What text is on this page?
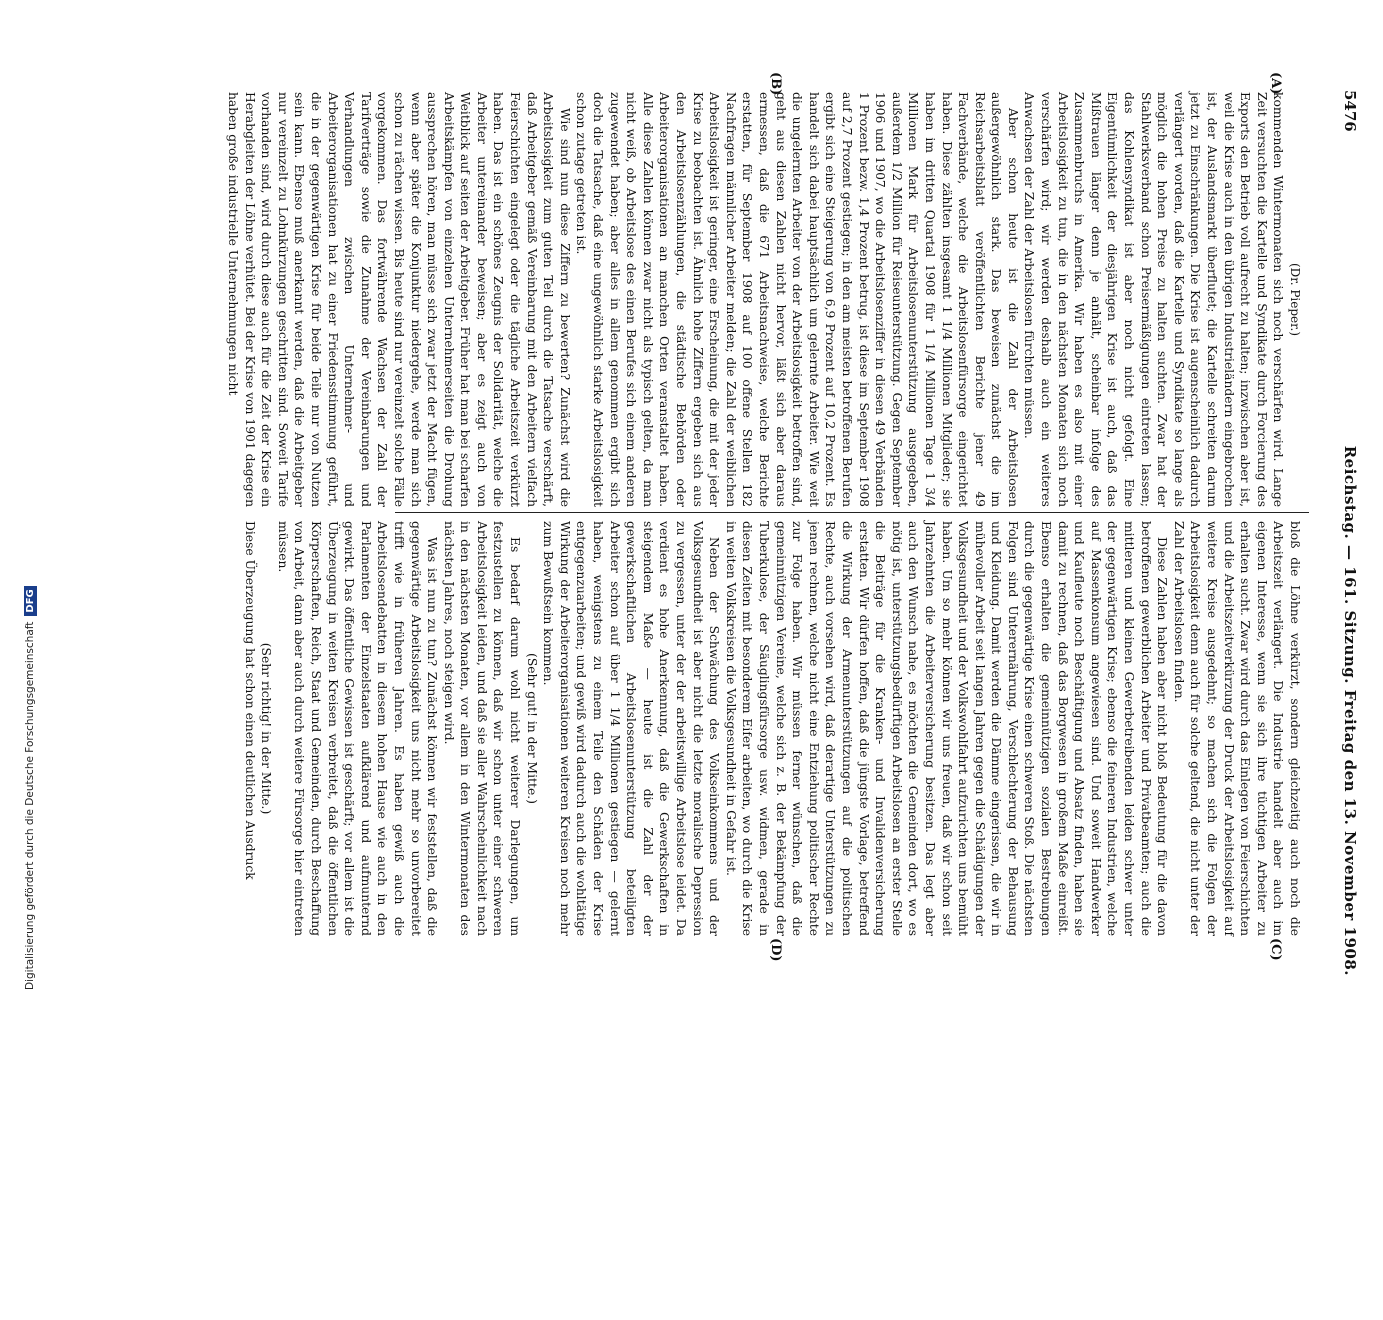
5476
Reichstag. — 161. Sitzung. Freitag den 13. November 1908.
(A)
(B)
(C)
(D)

(Dr. Pieper.)

kommenden Wintermonaten sich noch verschärfen wird. Lange Zeit versuchten die Kartelle und Syndikate durch Forcierung des Exports den Betrieb voll aufrecht zu halten; inzwischen aber ist, weil die Krise auch in den übrigen Industrieländern eingebrochen ist, der Auslandsmarkt überflutet; die Kartelle schreiten darum jetzt zu Einschränkungen. Die Krise ist augenscheinlich dadurch verlängert worden, daß die Kartelle und Syndikate so lange als möglich die hohen Preise zu halten suchten. Zwar hat der Stahlwerksverband schon Preisermäßigungen eintreten lassen; das Kohlensyndikat ist aber noch nicht gefolgt. Eine Eigentümlichkeit der diesjährigen Krise ist auch, daß das Mißtrauen länger denn je anhält, scheinbar infolge des Zusammenbruchs in Amerika. Wir haben es also mit einer Arbeitslosigkeit zu tun, die in den nächsten Monaten sich noch verschärfen wird; wir werden deshalb auch ein weiteres Anwachsen der Zahl der Arbeitslosen fürchten müssen.

Aber schon heute ist die Zahl der Arbeitslosen außergewöhnlich stark. Das beweisen zunächst die im Reichsarbeitsblatt veröffentlichten Berichte jener 49 Fachverbände, welche die Arbeitslosenfürsorge eingerichtet haben. Diese zählten insgesamt 1 1/4 Millionen Mitglieder; sie haben im dritten Quartal 1908 für 1 1/4 Millionen Tage 1 3/4 Millionen Mark für Arbeitslosenunterstützung ausgegeben, außerdem 1/2 Million für Reiseunterstützung. Gegen September 1906 und 1907, wo die Arbeitslosenziffer in diesen 49 Verbänden 1 Prozent bezw. 1,4 Prozent betrug, ist diese im September 1908 auf 2,7 Prozent gestiegen; in den am meisten betroffenen Berufen ergibt sich eine Steigerung von 6,9 Prozent auf 10,2 Prozent. Es handelt sich dabei hauptsächlich um gelernte Arbeiter. Wie weit die ungelernten Arbeiter von der Arbeitslosigkeit betroffen sind, geht aus diesen Zahlen nicht hervor, läßt sich aber daraus ermessen, daß die 671 Arbeitsnachweise, welche Berichte erstatten, für September 1908 auf 100 offene Stellen 182 Nachfragen männlicher Arbeiter melden; die Zahl der weiblichen Arbeitslosigkeit ist geringer, eine Erscheinung, die mit der jeder Krise zu beobachten ist. Ähnlich hohe Ziffern ergeben sich aus den Arbeitslosenzählungen, die städtische Behörden oder Arbeiterorganisationen an manchen Orten veranstaltet haben. Alle diese Zahlen können zwar nicht als typisch gelten, da man nicht weiß, ob Arbeitslose des einen Berufes sich einem anderen zugewendet haben; aber alles in allem genommen ergibt sich doch die Tatsache, daß eine ungewöhnlich starke Arbeitslosigkeit schon zutage getreten ist.

Wie sind nun diese Ziffern zu bewerten? Zunächst wird die Arbeitslosigkeit zum guten Teil durch die Tatsache verschärft, daß Arbeitgeber gemäß Vereinbarung mit den Arbeitern vielfach Feierschichten eingelegt oder die tägliche Arbeitszeit verkürzt haben. Das ist ein schönes Zeugnis der Solidarität, welche die Arbeiter untereinander beweisen; aber es zeigt auch von Weitblick auf seiten der Arbeitgeber. Früher hat man bei scharfen Arbeitskämpfen von einzelnen Unternehmerseiten die Drohung aussprechen hören, man müsse sich zwar jetzt der Macht fügen, wenn aber später die Konjunktur niedergehe, werde man sich schon zu rächen wissen. Bis heute sind nur vereinzelt solche Fälle vorgekommen. Das fortwährende Wachsen der Zahl der Tarifverträge sowie die Zunahme der Vereinbarungen und Verhandlungen zwischen Unternehmer- und Arbeiterorganisationen hat zu einer Friedensstimmung geführt, die in der gegenwärtigen Krise für beide Teile nur von Nutzen sein kann. Ebenso muß anerkannt werden, daß die Arbeitgeber nur vereinzelt zu Lohnkürzungen geschritten sind. Soweit Tarife vorhanden sind, wird durch diese auch für die Zeit der Krise ein Herabgleiten der Löhne verhütet. Bei der Krise von 1901 dagegen haben große industrielle Unternehmungen nicht

bloß die Löhne verkürzt, sondern gleichzeitig auch noch die Arbeitszeit verlängert. Die Industrie handelt aber auch im eigenen Interesse, wenn sie sich ihre tüchtigen Arbeiter zu erhalten sucht. Zwar wird durch das Einlegen von Feierschichten und die Arbeitszeitverkürzung der Druck der Arbeitslosigkeit auf weitere Kreise ausgedehnt; so machen sich die Folgen der Arbeitslosigkeit denn auch für solche geltend, die nicht unter der Zahl der Arbeitslosen finden.

Diese Zahlen haben aber nicht bloß Bedeutung für die davon betroffenen gewerblichen Arbeiter und Privatbeamten; auch die mittleren und kleinen Gewerbetreibenden leiden schwer unter der gegenwärtigen Krise; ebenso die feineren Industrien, welche auf Massenkonsum angewiesen sind. Und soweit Handwerker und Kaufleute noch Beschäftigung und Absatz finden, haben sie damit zu rechnen, daß das Borgwesen in großem Maße einreißt. Ebenso erhalten die gemeinnützigen sozialen Bestrebungen durch die gegenwärtige Krise einen schweren Stoß. Die nächsten Folgen sind Unterernährung, Verschlechterung der Behausung und Kleidung. Damit werden die Dämme eingerissen, die wir in mühevoller Arbeit seit langen Jahren gegen die Schädigungen der Volksgesundheit und der Volkswohlfahrt aufzurichten uns bemüht haben. Um so mehr können wir uns freuen, daß wir schon seit Jahrzehnten die Arbeiterversicherung besitzen. Das legt aber auch den Wunsch nahe, es möchten die Gemeinden dort, wo es nötig ist, unterstützungsbedürftigen Arbeitslosen an erster Stelle die Beiträge für die Kranken- und Invalidenversicherung erstatten. Wir dürfen hoffen, daß die jüngste Vorlage, betreffend die Wirkung der Armenunterstützungen auf die politischen Rechte, auch vorsehen wird, daß derartige Unterstützungen zu jenen rechnen, welche nicht eine Entziehung politischer Rechte zur Folge haben. Wir müssen ferner wünschen, daß die gemeinnützigen Vereine, welche sich z. B. der Bekämpfung der Tuberkulose, der Säuglingsfürsorge usw. widmen, gerade in diesen Zeiten mit besonderem Eifer arbeiten, wo durch die Krise in weiten Volkskreisen die Volksgesundheit in Gefahr ist.

Neben der Schwächung des Volkseinkommens und der Volksgesundheit ist aber nicht die letzte moralische Depression zu vergessen, unter der der arbeitswillige Arbeitslose leidet. Da verdient es hohe Anerkennung, daß die Gewerkschaften in steigendem Maße — heute ist die Zahl der der gewerkschaftlichen Arbeitslosenunterstützung beteiligten Arbeiter schon auf über 1 1/4 Millionen gestiegen — gelernt haben, wenigstens zu einem Teile den Schäden der Krise entgegenzuarbeiten; und gewiß wird dadurch auch die wohltätige Wirkung der Arbeiterorganisationen weiteren Kreisen noch mehr zum Bewußtsein kommen.

(Sehr gut! in der Mitte.)

Es bedarf darum wohl nicht weiterer Darlegungen, um festzustellen zu können, daß wir schon unter einer schweren Arbeitslosigkeit leiden, und daß sie aller Wahrscheinlichkeit nach in den nächsten Monaten, vor allem in den Wintermonaten des nächsten Jahres, noch steigen wird.

Was ist nun zu tun? Zunächst können wir feststellen, daß die gegenwärtige Arbeitslosigkeit uns nicht mehr so unvorbereitet trifft wie in früheren Jahren. Es haben gewiß auch die Arbeitslosendebatten in diesem hohen Hause wie auch in den Parlamenten der Einzelstaaten aufklärend und aufmunternd gewirkt. Das öffentliche Gewissen ist geschärft; vor allem ist die Überzeugung in weiten Kreisen verbreitet, daß die öffentlichen Körperschaften, Reich, Staat und Gemeinden, durch Beschaffung von Arbeit, dann aber auch durch weitere Fürsorge hier eintreten müssen.

(Sehr richtig! in der Mitte.)

Diese Überzeugung hat schon einen deutlichen Ausdruck

Digitalisierung gefördert durch die Deutsche Forschungsgemeinschaft
DFG
